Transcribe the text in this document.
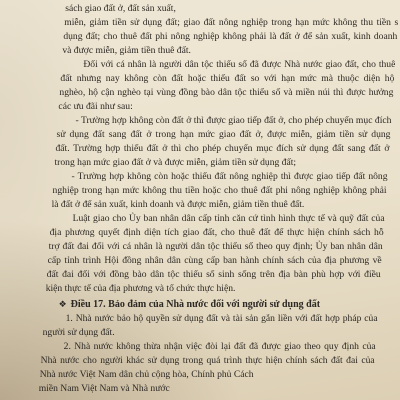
sách giao đất ở, đất sản xuất,
miễn, giảm tiền sử dụng đất; giao đất nông nghiệp trong hạn mức không thu tiền s
dụng đất; cho thuê đất phi nông nghiệp không phải là đất ở để sản xuất, kinh doanh
và được miễn, giảm tiền thuê đất.
Đối với cá nhân là người dân tộc thiểu số đã được Nhà nước giao đất, cho thuê
đất nhưng nay không còn đất hoặc thiếu đất so với hạn mức mà thuộc diện hộ
nghèo, hộ cận nghèo tại vùng đồng bào dân tộc thiểu số và miền núi thì được hưởng
các ưu đãi như sau:
- Trường hợp không còn đất ở thì được giao tiếp đất ở, cho phép chuyển mục đích
sử dụng đất sang đất ở trong hạn mức giao đất ở, được miễn, giảm tiền sử dụng
đất. Trường hợp thiếu đất ở thì cho phép chuyển mục đích sử dụng đất sang đất ở
trong hạn mức giao đất ở và được miễn, giảm tiền sử dụng đất;
- Trường hợp không còn hoặc thiếu đất nông nghiệp thì được giao tiếp đất nông
nghiệp trong hạn mức không thu tiền hoặc cho thuê đất phi nông nghiệp không phải
là đất ở để sản xuất, kinh doanh và được miễn, giảm tiền thuê đất.
Luật giao cho Ủy ban nhân dân cấp tỉnh căn cứ tình hình thực tế và quỹ đất của
địa phương quyết định diện tích giao đất, cho thuê đất để thực hiện chính sách hỗ
trợ đất đai đối với cá nhân là người dân tộc thiểu số theo quy định; Ủy ban nhân dân
cấp tỉnh trình Hội đồng nhân dân cùng cấp ban hành chính sách của địa phương về
đất đai đối với đồng bào dân tộc thiểu số sinh sống trên địa bàn phù hợp với điều
kiện thực tế của địa phương và tổ chức thực hiện.
❖ Điều 17. Bảo đảm của Nhà nước đối với người sử dụng đất
1. Nhà nước bảo hộ quyền sử dụng đất và tài sản gắn liền với đất hợp pháp của
người sử dụng đất.
2. Nhà nước không thừa nhận việc đòi lại đất đã được giao theo quy định của
Nhà nước cho người khác sử dụng trong quá trình thực hiện chính sách đất đai của
Nhà nước Việt Nam dân chủ cộng hòa, Chính phủ Cách
miền Nam Việt Nam và Nhà nước
